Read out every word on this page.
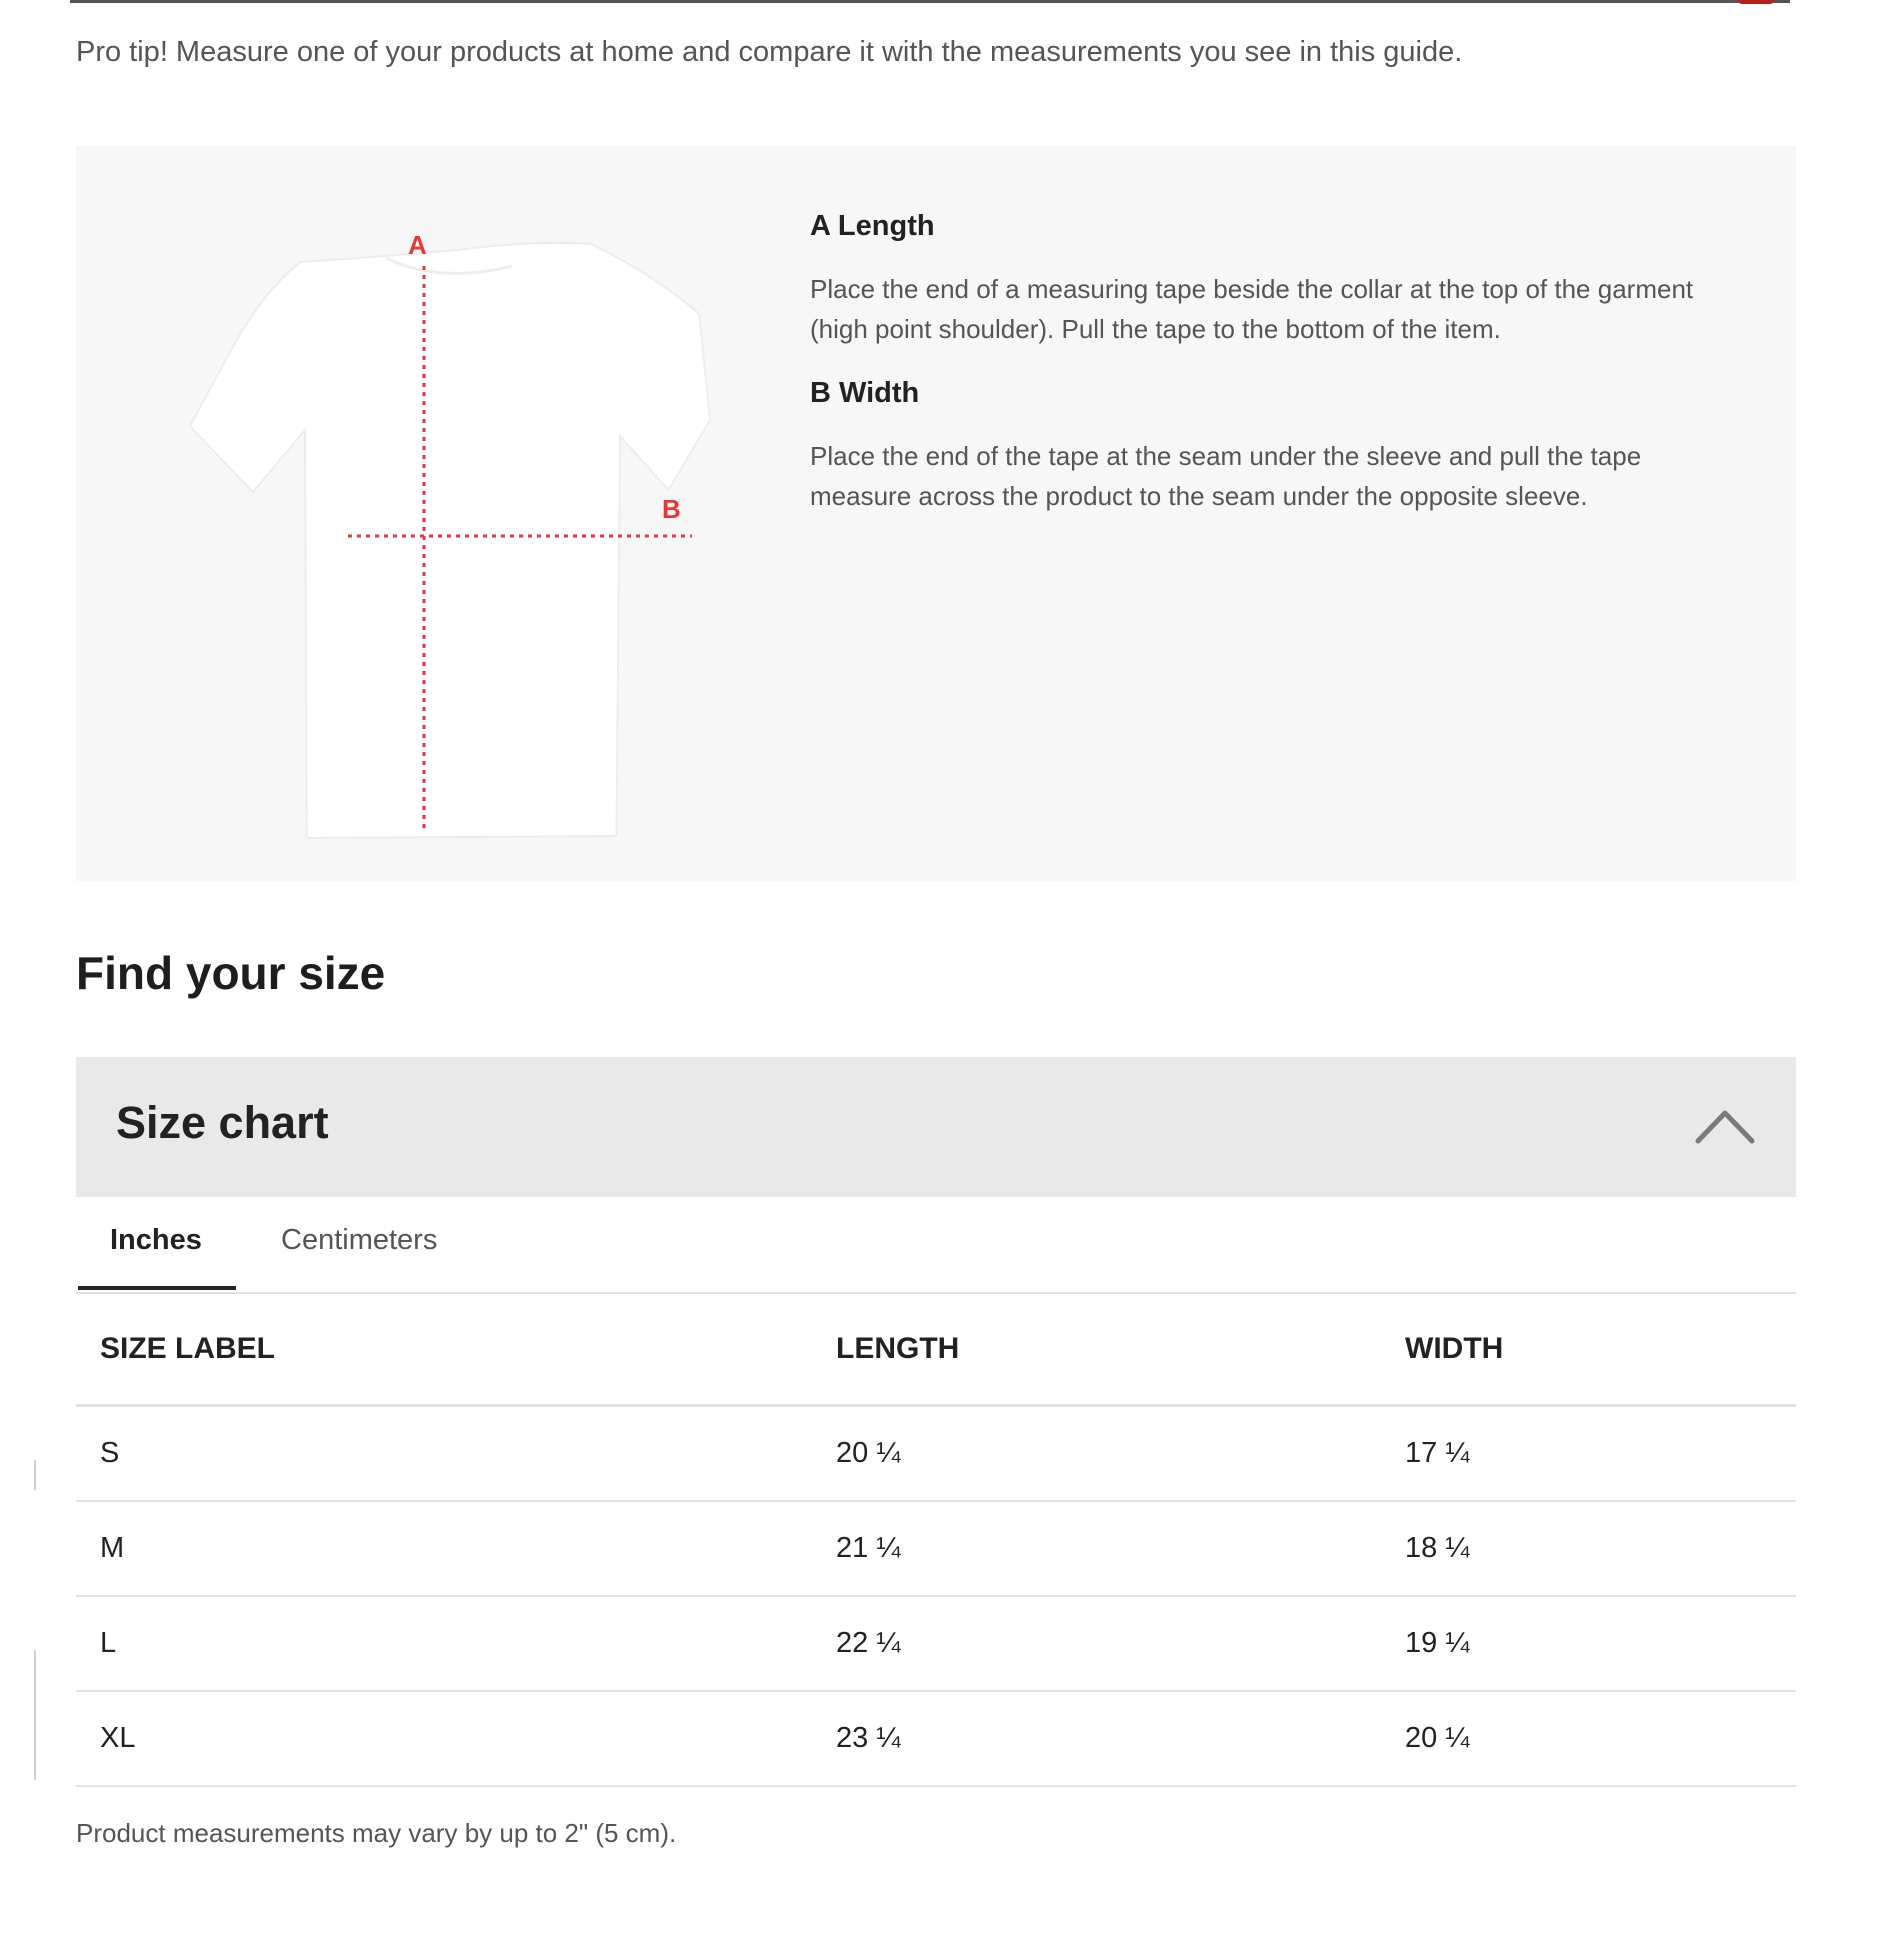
Pro tip! Measure one of your products at home and compare it with the measurements you see in this guide.

A
B
A Length

Place the end of a measuring tape beside the collar at the top of the garment (high point shoulder). Pull the tape to the bottom of the item.

B Width

Place the end of the tape at the seam under the sleeve and pull the tape measure across the product to the seam under the opposite sleeve.

Find your size
Size chart
Inches	Centimeters
SIZE LABEL	LENGTH	WIDTH
S	20 ¼	17 ¼
M	21 ¼	18 ¼
L	22 ¼	19 ¼
XL	23 ¼	20 ¼

Product measurements may vary by up to 2" (5 cm).
